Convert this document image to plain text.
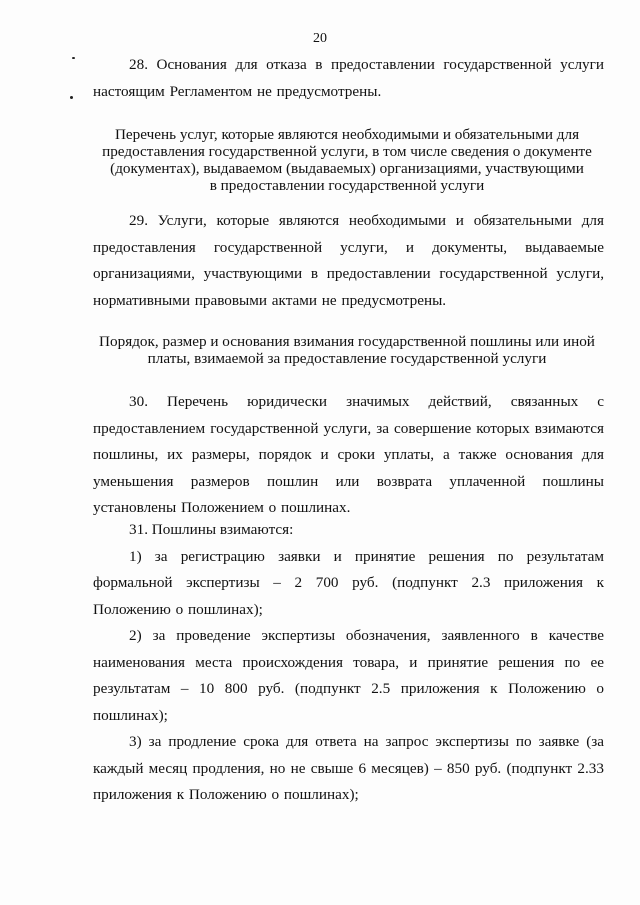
20

28. Основания для отказа в предоставлении государственной услуги настоящим Регламентом не предусмотрены.

Перечень услуг, которые являются необходимыми и обязательными для
предоставления государственной услуги, в том числе сведения о документе
(документах), выдаваемом (выдаваемых) организациями, участвующими
в предоставлении государственной услуги

29. Услуги, которые являются необходимыми и обязательными для предоставления государственной услуги, и документы, выдаваемые организациями, участвующими в предоставлении государственной услуги, нормативными правовыми актами не предусмотрены.

Порядок, размер и основания взимания государственной пошлины или иной
платы, взимаемой за предоставление государственной услуги

30. Перечень юридически значимых действий, связанных с предоставлением государственной услуги, за совершение которых взимаются пошлины, их размеры, порядок и сроки уплаты, а также основания для уменьшения размеров пошлин или возврата уплаченной пошлины установлены Положением о пошлинах.

31. Пошлины взимаются:

1) за регистрацию заявки и принятие решения по результатам формальной экспертизы – 2 700 руб. (подпункт 2.3 приложения к Положению о пошлинах);

2) за проведение экспертизы обозначения, заявленного в качестве наименования места происхождения товара, и принятие решения по ее результатам – 10 800 руб. (подпункт 2.5 приложения к Положению о пошлинах);

3) за продление срока для ответа на запрос экспертизы по заявке (за каждый месяц продления, но не свыше 6 месяцев) – 850 руб. (подпункт 2.33 приложения к Положению о пошлинах);
